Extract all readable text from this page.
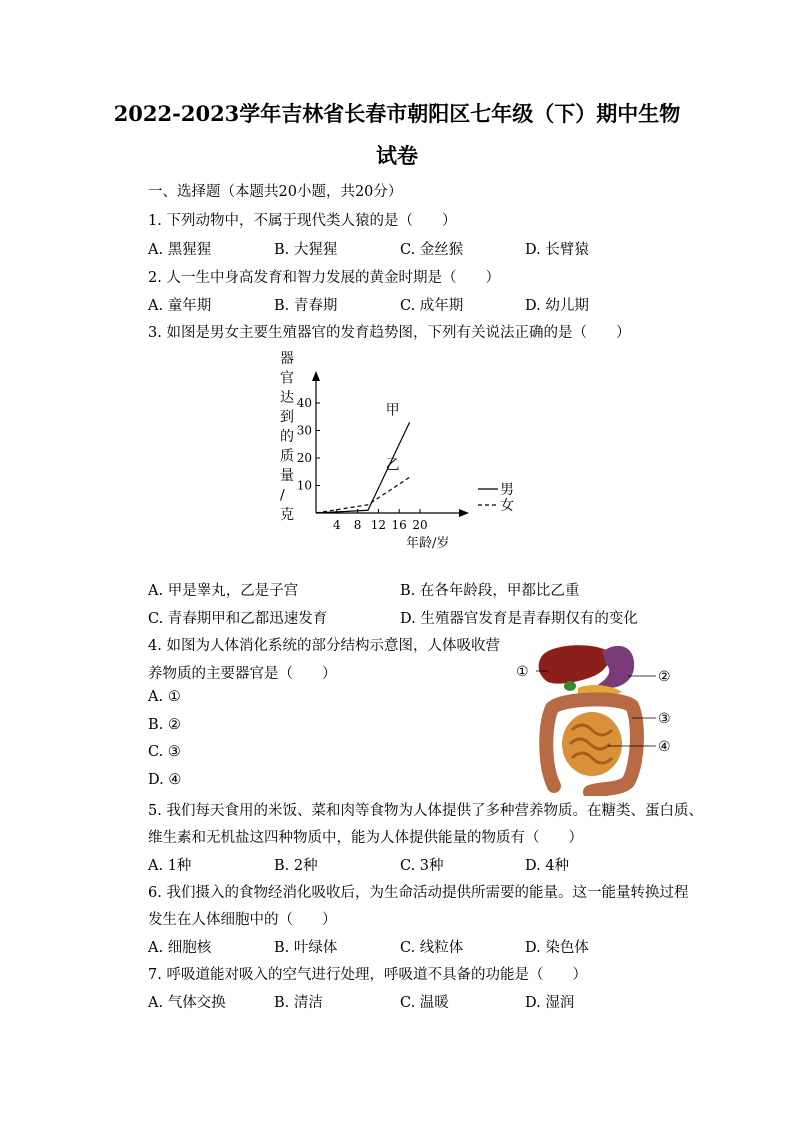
2022-2023学年吉林省长春市朝阳区七年级（下）期中生物
试卷
一、选择题（本题共20小题，共20分）
1. 下列动物中，不属于现代类人猿的是（　　）
A. 黑猩猩	B. 大猩猩	C. 金丝猴	D. 长臂猿
2. 人一生中身高发育和智力发展的黄金时期是（　　）
A. 童年期	B. 青春期	C. 成年期	D. 幼儿期
3. 如图是男女主要生殖器官的发育趋势图，下列有关说法正确的是（　　）
器
官
达
到
的
质
量
/
克
10
20
30
40
4 8 12 16 20
甲
乙
年龄/岁
男
女
A. 甲是睾丸，乙是子宫	B. 在各年龄段，甲都比乙重
C. 青春期甲和乙都迅速发育	D. 生殖器官发育是青春期仅有的变化
4. 如图为人体消化系统的部分结构示意图，人体吸收营
养物质的主要器官是（　　）
A. ①
B. ②
C. ③
D. ④
①	②
③
④
5. 我们每天食用的米饭、菜和肉等食物为人体提供了多种营养物质。在糖类、蛋白质、
维生素和无机盐这四种物质中，能为人体提供能量的物质有（　　）
A. 1种	B. 2种	C. 3种	D. 4种
6. 我们摄入的食物经消化吸收后，为生命活动提供所需要的能量。这一能量转换过程
发生在人体细胞中的（　　）
A. 细胞核	B. 叶绿体	C. 线粒体	D. 染色体
7. 呼吸道能对吸入的空气进行处理，呼吸道不具备的功能是（　　）
A. 气体交换	B. 清洁	C. 温暖	D. 湿润
